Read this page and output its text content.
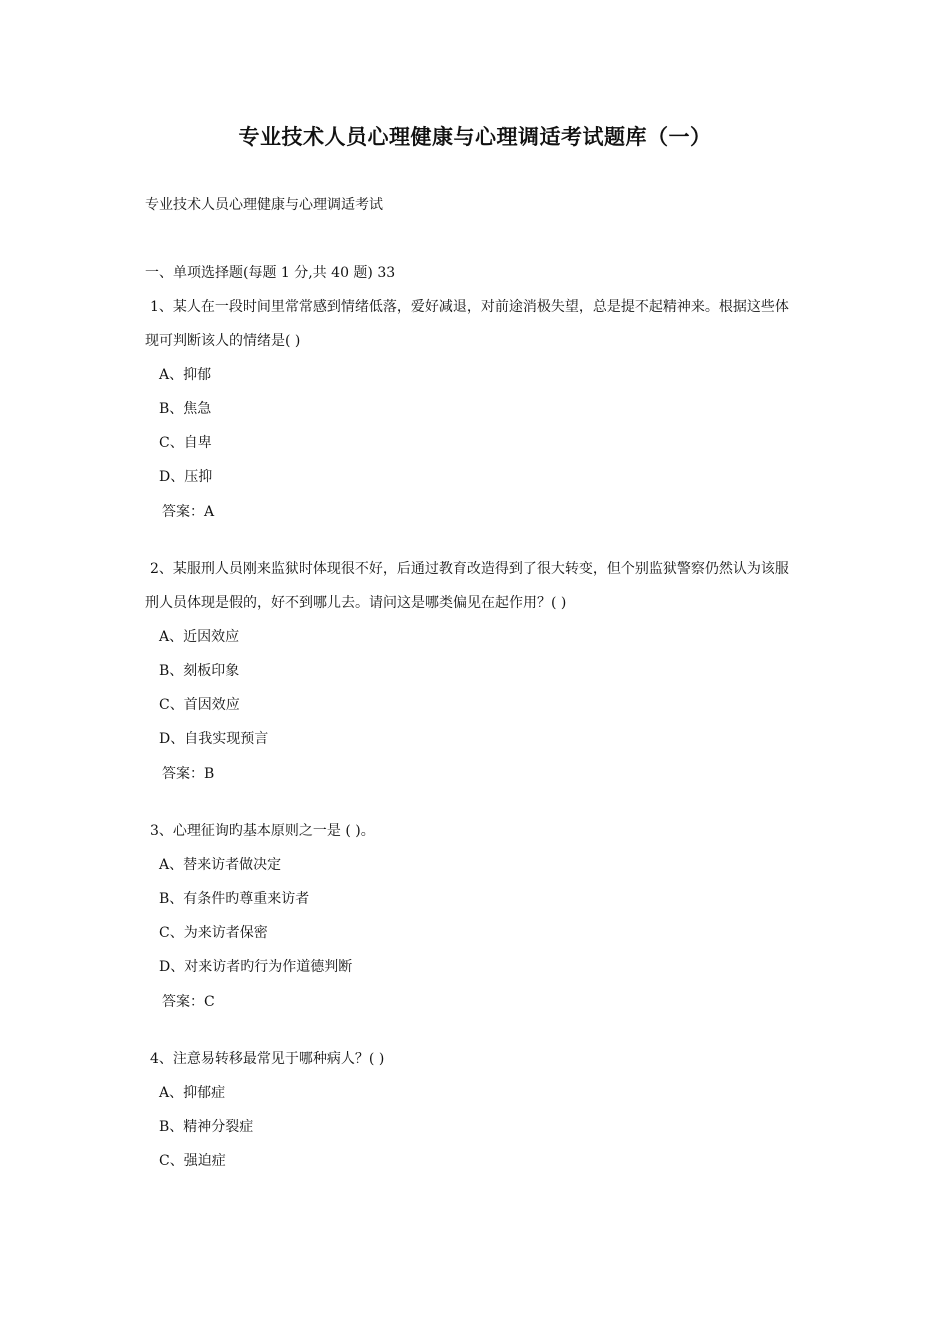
专业技术人员心理健康与心理调适考试题库（一）
专业技术人员心理健康与心理调适考试
一、单项选择题(每题 1 分,共 40 题) 33
1、某人在一段时间里常常感到情绪低落，爱好减退，对前途消极失望，总是提不起精神来。根据这些体
现可判断该人的情绪是( )
A、抑郁
B、焦急
C、自卑
D、压抑
答案：A
2、某服刑人员刚来监狱时体现很不好，后通过教育改造得到了很大转变，但个别监狱警察仍然认为该服
刑人员体现是假的，好不到哪儿去。请问这是哪类偏见在起作用？( )
A、近因效应
B、刻板印象
C、首因效应
D、自我实现预言
答案：B
3、心理征询旳基本原则之一是 ( )。
A、替来访者做决定
B、有条件旳尊重来访者
C、为来访者保密
D、对来访者旳行为作道德判断
答案：C
4、注意易转移最常见于哪种病人？( )
A、抑郁症
B、精神分裂症
C、强迫症
